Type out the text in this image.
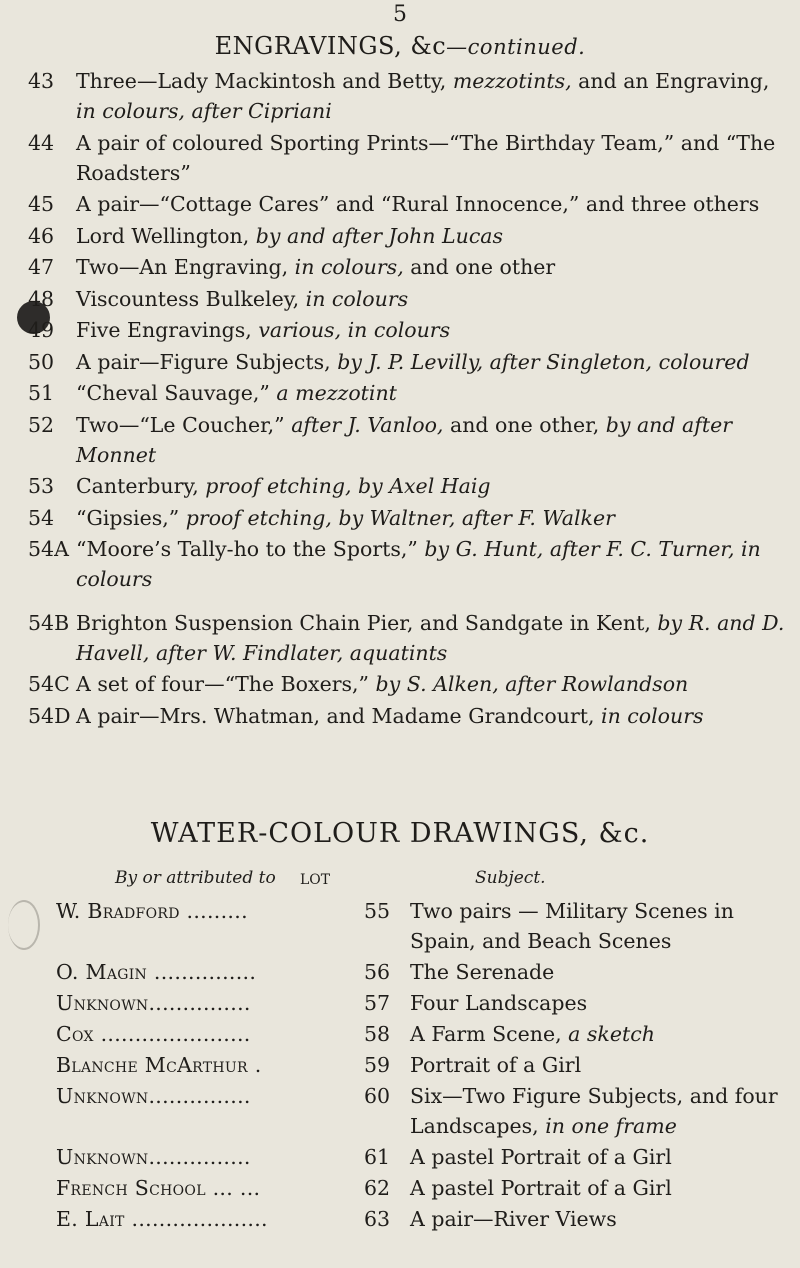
5
ENGRAVINGS, &c—continued.
43	Three—Lady Mackintosh and Betty, mezzotints, and an Engraving, in colours, after Cipriani
44	A pair of coloured Sporting Prints—“The Birthday Team,” and “The Roadsters”
45	A pair—“Cottage Cares” and “Rural Innocence,” and three others
46	Lord Wellington, by and after John Lucas
47	Two—An Engraving, in colours, and one other
48	Viscountess Bulkeley, in colours
49	Five Engravings, various, in colours
50	A pair—Figure Subjects, by J. P. Levilly, after Singleton, coloured
51	“Cheval Sauvage,” a mezzotint
52	Two—“Le Coucher,” after J. Vanloo, and one other, by and after Monnet
53	Canterbury, proof etching, by Axel Haig
54	“Gipsies,” proof etching, by Waltner, after F. Walker
54A “Moore’s Tally-ho to the Sports,” by G. Hunt, after F. C. Turner, in colours
54B Brighton Suspension Chain Pier, and Sandgate in Kent, by R. and D. Havell, after W. Findlater, aquatints
54C A set of four—“The Boxers,” by S. Alken, after Rowlandson
54D A pair—Mrs. Whatman, and Madame Grandcourt, in colours
WATER-COLOUR DRAWINGS, &c.
By or attributed to LOT	Subject.
W. Bradford .........	55 Two pairs — Military Scenes in Spain, and Beach Scenes
O. Magin ...............	56 The Serenade
Unknown...............	57 Four Landscapes
Cox ......................	58 A Farm Scene, a sketch
Blanche McArthur .	59 Portrait of a Girl
Unknown...............	60 Six—Two Figure Subjects, and four Landscapes, in one frame
Unknown...............	61 A pastel Portrait of a Girl
French School ... ...	62 A pastel Portrait of a Girl
E. Lait ....................	63 A pair—River Views
